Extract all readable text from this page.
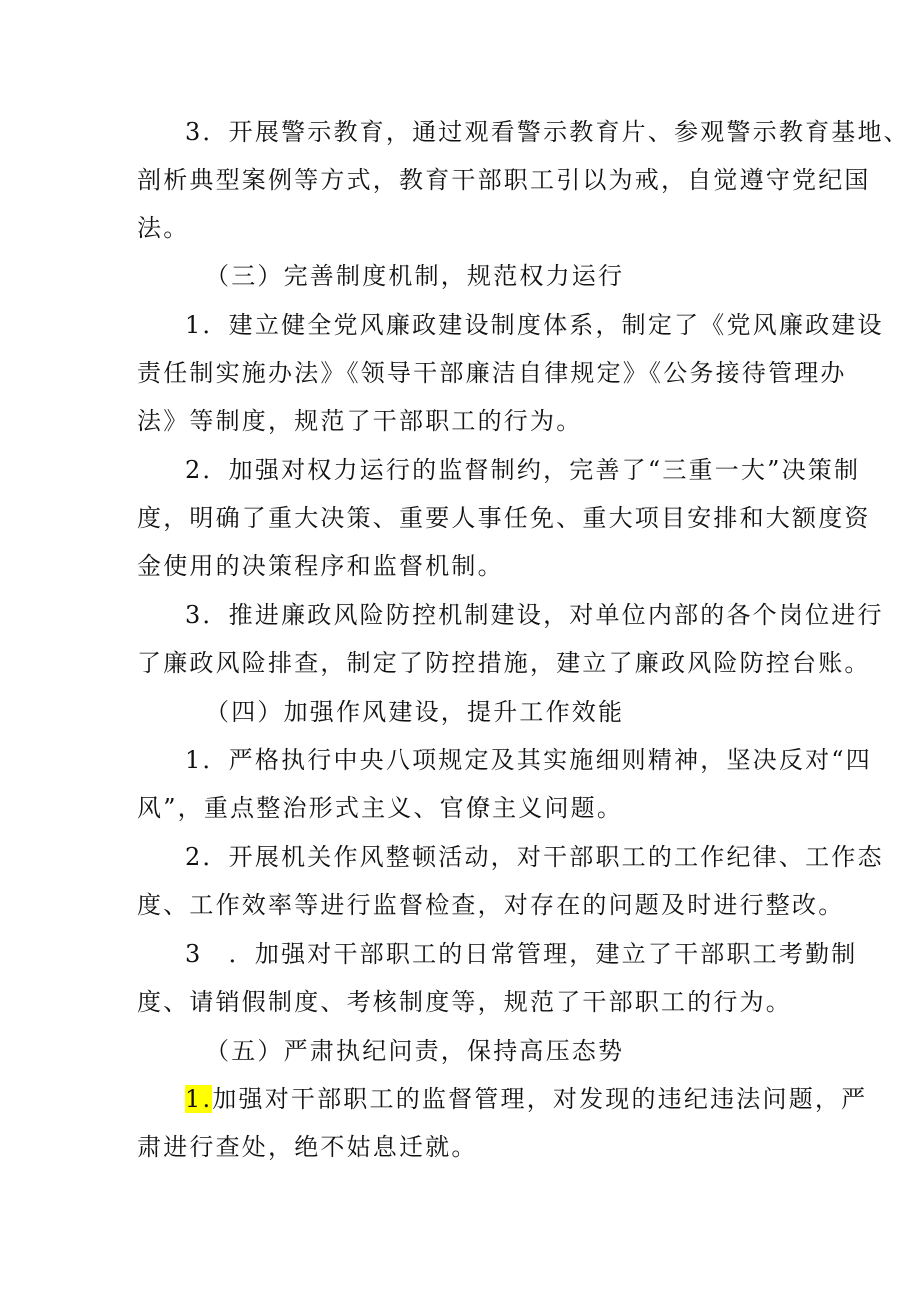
3．开展警示教育，通过观看警示教育片、参观警示教育基地、
剖析典型案例等方式，教育干部职工引以为戒，自觉遵守党纪国
法。
（三）完善制度机制，规范权力运行
1．建立健全党风廉政建设制度体系，制定了《党风廉政建设
责任制实施办法》《领导干部廉洁自律规定》《公务接待管理办
法》等制度，规范了干部职工的行为。
2．加强对权力运行的监督制约，完善了“三重一大”决策制
度，明确了重大决策、重要人事任免、重大项目安排和大额度资
金使用的决策程序和监督机制。
3．推进廉政风险防控机制建设，对单位内部的各个岗位进行
了廉政风险排查，制定了防控措施，建立了廉政风险防控台账。
（四）加强作风建设，提升工作效能
1．严格执行中央八项规定及其实施细则精神，坚决反对“四
风”，重点整治形式主义、官僚主义问题。
2．开展机关作风整顿活动，对干部职工的工作纪律、工作态
度、工作效率等进行监督检查，对存在的问题及时进行整改。
3　．加强对干部职工的日常管理，建立了干部职工考勤制
度、请销假制度、考核制度等，规范了干部职工的行为。
（五）严肃执纪问责，保持高压态势
1.加强对干部职工的监督管理，对发现的违纪违法问题，严
肃进行查处，绝不姑息迁就。
